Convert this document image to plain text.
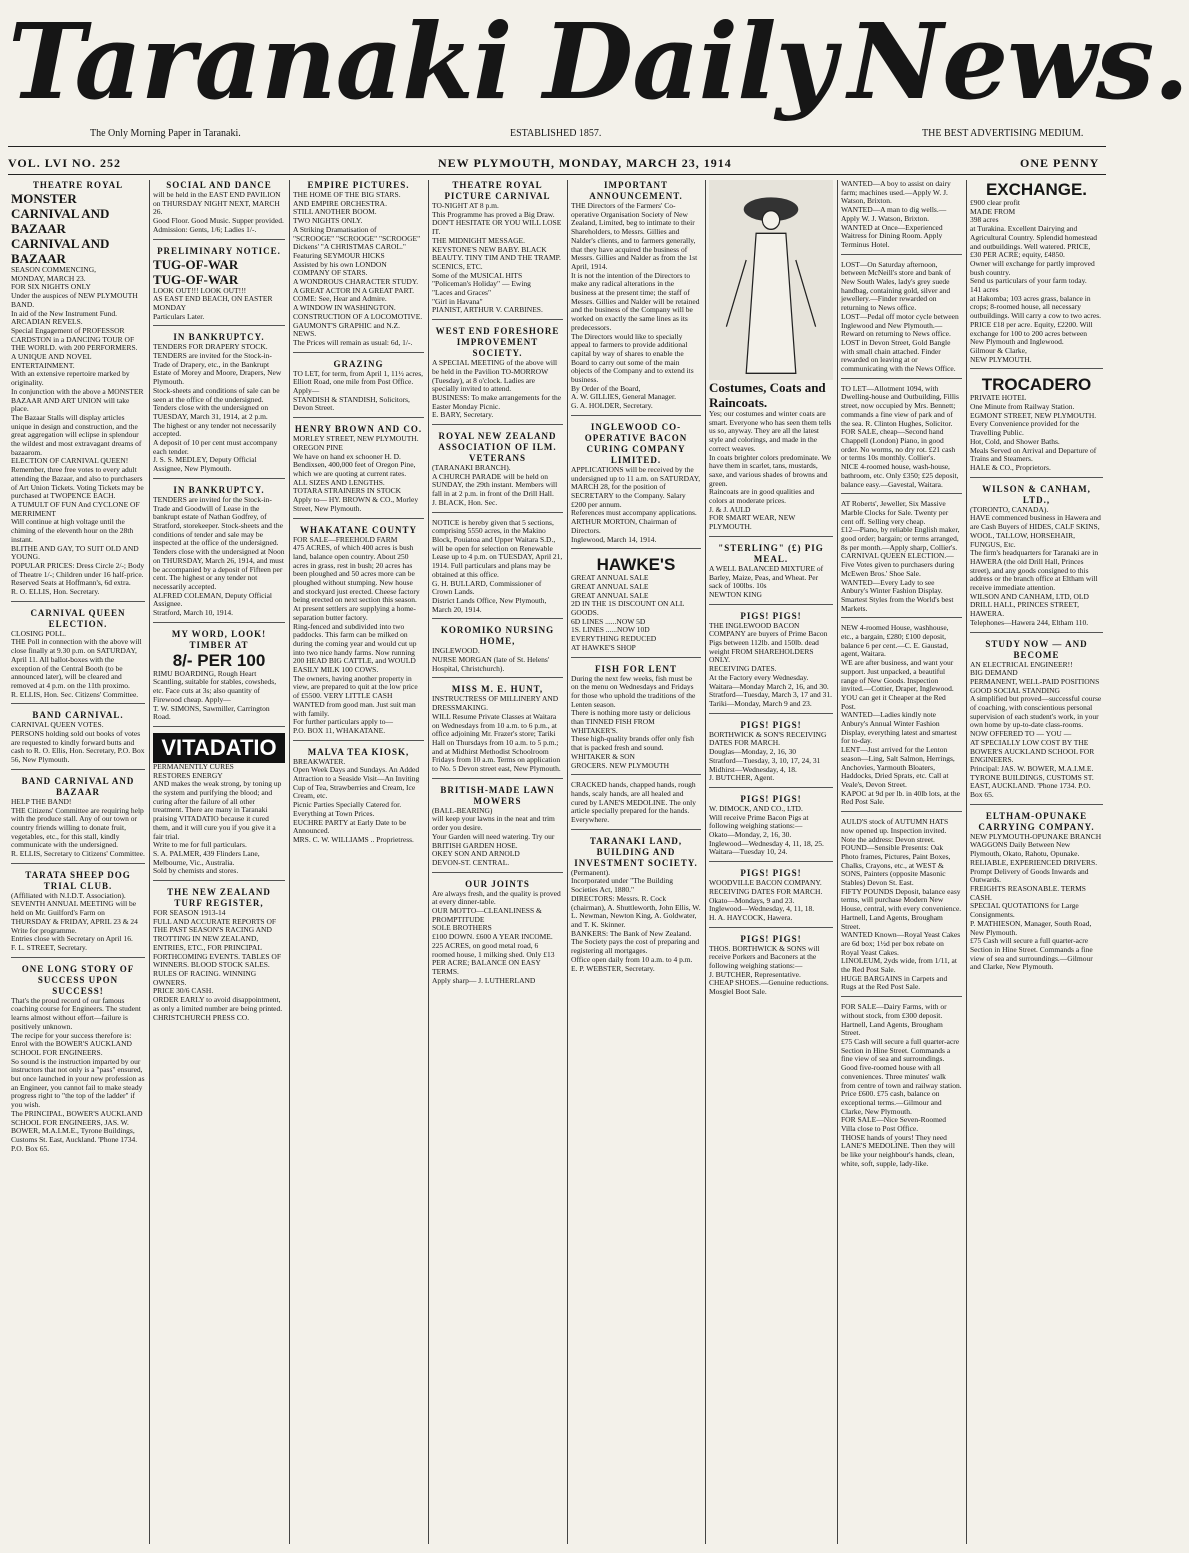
Taranaki Daily News.
The Only Morning Paper in Taranaki.	ESTABLISHED 1857.	THE BEST ADVERTISING MEDIUM.
VOL. LVI NO. 252	NEW PLYMOUTH, MONDAY, MARCH 23, 1914	ONE PENNY
THEATRE ROYAL
MONSTER
CARNIVAL AND BAZAAR
CARNIVAL AND BAZAAR
SEASON COMMENCING,
MONDAY, MARCH 23.
FOR SIX NIGHTS ONLY
Under the auspices of NEW PLYMOUTH BAND.
In aid of the New Instrument Fund.
ARCADIAN REVELS.
Special Engagement of PROFESSOR CARDSTON in a DANCING TOUR OF THE WORLD. with 200 PERFORMERS.
A UNIQUE AND NOVEL ENTERTAINMENT.
With an extensive repertoire marked by originality.
In conjunction with the above a MONSTER BAZAAR AND ART UNION will take place.
The Bazaar Stalls will display articles unique in design and construction, and the great aggregation will eclipse in splendour the wildest and most extravagant dreams of bazaarom.
ELECTION OF CARNIVAL QUEEN!
Remember, three free votes to every adult attending the Bazaar, and also to purchasers of Art Union Tickets. Voting Tickets may be purchased at TWOPENCE EACH.
A TUMULT OF FUN And CYCLONE OF MERRIMENT
Will continue at high voltage until the chiming of the eleventh hour on the 28th instant.
BLITHE AND GAY, TO SUIT OLD AND YOUNG.
POPULAR PRICES: Dress Circle 2/-; Body of Theatre 1/-; Children under 16 half-price. Reserved Seats at Hoffmann's, 6d extra.
R. O. ELLIS, Hon. Secretary.
CARNIVAL QUEEN ELECTION.
CLOSING POLL.
THE Poll in connection with the above will close finally at 9.30 p.m. on SATURDAY, April 11. All ballot-boxes with the exception of the Central Booth (to be announced later), will be cleared and removed at 4 p.m. on the 11th proximo.
R. ELLIS, Hon. Sec. Citizens' Committee.
BAND CARNIVAL.
CARNIVAL QUEEN VOTES.
PERSONS holding sold out books of votes are requested to kindly forward butts and cash to R. O. Ellis, Hon. Secretary, P.O. Box 56, New Plymouth.
BAND CARNIVAL AND BAZAAR
HELP THE BAND!
THE Citizens' Committee are requiring help with the produce stall. Any of our town or country friends willing to donate fruit, vegetables, etc., for this stall, kindly communicate with the undersigned.
R. ELLIS, Secretary to Citizens' Committee.
TARATA SHEEP DOG TRIAL CLUB.
(Affiliated with N.I.D.T. Association).
SEVENTH ANNUAL MEETING will be held on Mr. Guilford's Farm on THURSDAY & FRIDAY, APRIL 23 & 24
Write for programme.
Entries close with Secretary on April 16.
F. L. STREET, Secretary.
ONE LONG STORY OF SUCCESS UPON SUCCESS!
That's the proud record of our famous coaching course for Engineers. The student learns almost without effort—failure is positively unknown.
The recipe for your success therefore is: Enrol with the BOWER'S AUCKLAND SCHOOL FOR ENGINEERS.
So sound is the instruction imparted by our instructors that not only is a "pass" ensured, but once launched in your new profession as an Engineer, you cannot fail to make steady progress right to "the top of the ladder" if you wish.
The PRINCIPAL, BOWER'S AUCKLAND SCHOOL FOR ENGINEERS, JAS. W. BOWER, M.A.I.M.E., Tyrone Buildings, Customs St. East, Auckland. 'Phone 1734. P.O. Box 65.
SOCIAL AND DANCE
will be held in the EAST END PAVILION on THURSDAY NIGHT NEXT, MARCH 26.
Good Floor. Good Music. Supper provided.
Admission: Gents, 1/6; Ladies 1/-.
PRELIMINARY NOTICE.
TUG-OF-WAR
TUG-OF-WAR
LOOK OUT!!! LOOK OUT!!!
AS EAST END BEACH, ON EASTER MONDAY
Particulars Later.
IN BANKRUPTCY.
TENDERS FOR DRAPERY STOCK.
TENDERS are invited for the Stock-in-Trade of Drapery, etc., in the Bankrupt Estate of Morey and Moore, Drapers, New Plymouth.
Stock-sheets and conditions of sale can be seen at the office of the undersigned.
Tenders close with the undersigned on TUESDAY, March 31, 1914, at 2 p.m.
The highest or any tender not necessarily accepted.
A deposit of 10 per cent must accompany each tender.
J. S. S. MEDLEY, Deputy Official Assignee, New Plymouth.
IN BANKRUPTCY.
TENDERS are invited for the Stock-in-Trade and Goodwill of Lease in the bankrupt estate of Nathan Godfrey, of Stratford, storekeeper. Stock-sheets and the conditions of tender and sale may be inspected at the office of the undersigned. Tenders close with the undersigned at Noon on THURSDAY, March 26, 1914, and must be accompanied by a deposit of Fifteen per cent. The highest or any tender not necessarily accepted.
ALFRED COLEMAN, Deputy Official Assignee.
Stratford, March 10, 1914.
MY WORD, LOOK! TIMBER AT
8/- PER 100
RIMU BOARDING, Rough Heart Scantling, suitable for stables, cowsheds, etc. Face cuts at 3s; also quantity of Firewood cheap. Apply—
T. W. SIMONS, Sawmiller, Carrington Road.
VITADATIO
PERMANENTLY CURES
RESTORES ENERGY
AND makes the weak strong, by toning up the system and purifying the blood; and curing after the failure of all other treatment. There are many in Taranaki praising VITADATIO because it cured them, and it will cure you if you give it a fair trial.
Write to me for full particulars.
S. A. PALMER, 439 Flinders Lane, Melbourne, Vic., Australia.
Sold by chemists and stores.
THE NEW ZEALAND TURF REGISTER,
FOR SEASON 1913-14
FULL AND ACCURATE REPORTS OF THE PAST SEASON'S RACING AND TROTTING IN NEW ZEALAND, ENTRIES, ETC., FOR PRINCIPAL FORTHCOMING EVENTS. TABLES OF WINNERS. BLOOD STOCK SALES. RULES OF RACING. WINNING OWNERS.
PRICE 30/6 CASH.
ORDER EARLY to avoid disappointment, as only a limited number are being printed.
CHRISTCHURCH PRESS CO.
EMPIRE PICTURES.
THE HOME OF THE BIG STARS.
AND EMPIRE ORCHESTRA.
STILL ANOTHER BOOM.
TWO NIGHTS ONLY.
A Striking Dramatisation of
"SCROOGE" "SCROOGE" "SCROOGE"
Dickens' "A CHRISTMAS CAROL."
Featuring SEYMOUR HICKS
Assisted by his own LONDON COMPANY OF STARS.
A WONDROUS CHARACTER STUDY. A GREAT ACTOR IN A GREAT PART.
COME: See, Hear and Admire.
A WINDOW IN WASHINGTON.
CONSTRUCTION OF A LOCOMOTIVE.
GAUMONT'S GRAPHIC and N.Z. NEWS.
The Prices will remain as usual: 6d, 1/-.
GRAZING
TO LET, for term, from April 1, 11½ acres, Elliott Road, one mile from Post Office. Apply—
STANDISH & STANDISH, Solicitors, Devon Street.
HENRY BROWN AND CO.
MORLEY STREET, NEW PLYMOUTH.
OREGON PINE
We have on hand ex schooner H. D. Bendixsen, 400,000 feet of Oregon Pine, which we are quoting at current rates.
ALL SIZES AND LENGTHS.
TOTARA STRAINERS IN STOCK
Apply to— HY. BROWN & CO., Morley Street, New Plymouth.
WHAKATANE COUNTY
FOR SALE—FREEHOLD FARM
475 ACRES, of which 400 acres is bush land, balance open country. About 250 acres in grass, rest in bush; 20 acres has been ploughed and 50 acres more can be ploughed without stumping. New house and stockyard just erected. Cheese factory being erected on next section this season. At present settlers are supplying a home-separation butter factory.
Ring-fenced and subdivided into two paddocks. This farm can be milked on during the coming year and would cut up into two nice handy farms. Now running 200 HEAD BIG CATTLE, and WOULD EASILY MILK 100 COWS.
The owners, having another property in view, are prepared to quit at the low price of £5500. VERY LITTLE CASH WANTED from good man. Just suit man with family.
For further particulars apply to—
P.O. BOX 11, WHAKATANE.
MALVA TEA KIOSK,
BREAKWATER.
Open Week Days and Sundays. An Added Attraction to a Seaside Visit—An Inviting Cup of Tea, Strawberries and Cream, Ice Cream, etc.
Picnic Parties Specially Catered for. Everything at Town Prices.
EUCHRE PARTY at Early Date to be Announced.
MRS. C. W. WILLIAMS .. Proprietress.
THEATRE ROYAL PICTURE CARNIVAL
TO-NIGHT AT 8 p.m.
This Programme has proved a Big Draw.
DON'T HESITATE OR YOU WILL LOSE IT.
THE MIDNIGHT MESSAGE. KEYSTONE'S NEW BABY. BLACK BEAUTY. TINY TIM AND THE TRAMP. SCENICS, ETC.
Some of the MUSICAL HITS
"Policeman's Holiday" — Ewing
"Laces and Graces"
"Girl in Havana"
PIANIST, ARTHUR V. CARBINES.
WEST END FORESHORE IMPROVEMENT SOCIETY.
A SPECIAL MEETING of the above will be held in the Pavilion TO-MORROW (Tuesday), at 8 o'clock. Ladies are specially invited to attend.
BUSINESS: To make arrangements for the Easter Monday Picnic.
E. BARY, Secretary.
ROYAL NEW ZEALAND ASSOCIATION OF ILM. VETERANS
(TARANAKI BRANCH).
A CHURCH PARADE will be held on SUNDAY, the 29th instant. Members will fall in at 2 p.m. in front of the Drill Hall.
J. BLACK, Hon. Sec.
NOTICE is hereby given that 5 sections, comprising 5550 acres, in the Makino Block, Pouiatoa and Upper Waitara S.D., will be open for selection on Renewable Lease up to 4 p.m. on TUESDAY, April 21, 1914. Full particulars and plans may be obtained at this office.
G. H. BULLARD, Commissioner of Crown Lands.
District Lands Office, New Plymouth, March 20, 1914.
KOROMIKO NURSING HOME,
INGLEWOOD.
NURSE MORGAN (late of St. Helens' Hospital, Christchurch).
MISS M. E. HUNT,
INSTRUCTRESS OF MILLINERY AND DRESSMAKING.
WILL Resume Private Classes at Waitara on Wednesdays from 10 a.m. to 6 p.m., at office adjoining Mr. Frazer's store; Tariki Hall on Thursdays from 10 a.m. to 5 p.m.; and at Midhirst Methodist Schoolroom Fridays from 10 a.m. Terms on application to No. 5 Devon street east, New Plymouth.
BRITISH-MADE LAWN MOWERS
(BALL-BEARING)
will keep your lawns in the neat and trim order you desire.
Your Garden will need watering. Try our BRITISH GARDEN HOSE.
OKEY SON AND ARNOLD
DEVON-ST. CENTRAL.
OUR JOINTS
Are always fresh, and the quality is proved at every dinner-table.
OUR MOTTO—CLEANLINESS & PROMPTITUDE
SOLE BROTHERS
£100 DOWN. £600 A YEAR INCOME.
225 ACRES, on good metal road, 6 roomed house, 1 milking shed. Only £13 PER ACRE; BALANCE ON EASY TERMS.
Apply sharp— J. LUTHERLAND
IMPORTANT ANNOUNCEMENT.
THE Directors of the Farmers' Co-operative Organisation Society of New Zealand, Limited, beg to intimate to their Shareholders, to Messrs. Gillies and Nalder's clients, and to farmers generally, that they have acquired the business of Messrs. Gillies and Nalder as from the 1st April, 1914.
It is not the intention of the Directors to make any radical alterations in the business at the present time; the staff of Messrs. Gillies and Nalder will be retained and the business of the Company will be worked on exactly the same lines as its predecessors.
The Directors would like to specially appeal to farmers to provide additional capital by way of shares to enable the Board to carry out some of the main objects of the Company and to extend its business.
By Order of the Board,
A. W. GILLIES, General Manager.
G. A. HOLDER, Secretary.
INGLEWOOD CO-OPERATIVE BACON CURING COMPANY LIMITED.
APPLICATIONS will be received by the undersigned up to 11 a.m. on SATURDAY, MARCH 28, for the position of SECRETARY to the Company. Salary £200 per annum.
References must accompany applications.
ARTHUR MORTON, Chairman of Directors.
Inglewood, March 14, 1914.
HAWKE'S
GREAT ANNUAL SALE
GREAT ANNUAL SALE
GREAT ANNUAL SALE
2D IN THE 1S DISCOUNT ON ALL GOODS.
6D LINES ......NOW 5D
1S. LINES ......NOW 10D
EVERYTHING REDUCED
AT HAWKE'S SHOP
FISH FOR LENT
During the next few weeks, fish must be on the menu on Wednesdays and Fridays for those who uphold the traditions of the Lenten season.
There is nothing more tasty or delicious than TINNED FISH FROM WHITAKER'S.
These high-quality brands offer only fish that is packed fresh and sound.
WHITAKER & SON
GROCERS. NEW PLYMOUTH
CRACKED hands, chapped hands, rough hands, scaly hands, are all healed and cured by LANE'S MEDOLINE. The only article specially prepared for the hands. Everywhere.
TARANAKI LAND, BUILDING AND INVESTMENT SOCIETY.
(Permanent).
Incorporated under "The Building Societies Act, 1880."
DIRECTORS: Messrs. R. Cock (chairman), A. Shuttleworth, John Ellis, W. L. Newman, Newton King, A. Goldwater, and T. K. Skinner.
BANKERS: The Bank of New Zealand.
The Society pays the cost of preparing and registering all mortgages.
Office open daily from 10 a.m. to 4 p.m.
E. P. WEBSTER, Secretary.
Costumes, Coats and Raincoats.
Yes; our costumes and winter coats are smart. Everyone who has seen them tells us so, anyway. They are all the latest style and colorings, and made in the correct weaves.
In coats brighter colors predominate. We have them in scarlet, tans, mustards, saxe, and various shades of browns and green.
Raincoats are in good qualities and colors at moderate prices.
J. & J. AULD
FOR SMART WEAR, NEW PLYMOUTH.
"STERLING" (£) PIG MEAL.
A WELL BALANCED MIXTURE of Barley, Maize, Peas, and Wheat. Per sack of 100lbs. 10s
NEWTON KING
PIGS! PIGS!
THE INGLEWOOD BACON COMPANY are buyers of Prime Bacon Pigs between 112lb. and 150lb. dead weight FROM SHAREHOLDERS ONLY.
RECEIVING DATES.
At the Factory every Wednesday.
Waitara—Monday March 2, 16, and 30.
Stratford—Tuesday, March 3, 17 and 31.
Tariki—Monday, March 9 and 23.
PIGS! PIGS!
BORTHWICK & SON'S RECEIVING DATES FOR MARCH.
Douglas—Monday, 2, 16, 30
Stratford—Tuesday, 3, 10, 17, 24, 31
Midhirst—Wednesday, 4, 18.
J. BUTCHER, Agent.
PIGS! PIGS!
W. DIMOCK, AND CO., LTD.
Will receive Prime Bacon Pigs at following weighing stations:—
Okato—Monday, 2, 16, 30.
Inglewood—Wednesday 4, 11, 18, 25.
Waitara—Tuesday 10, 24.
PIGS! PIGS!
WOODVILLE BACON COMPANY.
RECEIVING DATES FOR MARCH.
Okato—Mondays, 9 and 23.
Inglewood—Wednesday, 4, 11, 18.
H. A. HAYCOCK, Hawera.
PIGS! PIGS!
THOS. BORTHWICK & SONS will receive Porkers and Baconers at the following weighing stations:—
J. BUTCHER, Representative.
CHEAP SHOES.—Genuine reductions. Mosgiel Boot Sale.
WANTED—A boy to assist on dairy farm; machines used.—Apply W. J. Watson, Brixton.
WANTED—A man to dig wells.—Apply W. J. Watson, Brixton.
WANTED at Once—Experienced Waitress for Dining Room. Apply Terminus Hotel.
LOST—On Saturday afternoon, between McNeill's store and bank of New South Wales, lady's grey suede handbag, containing gold, silver and jewellery.—Finder rewarded on returning to News office.
LOST—Pedal off motor cycle between Inglewood and New Plymouth.—Reward on returning to News office.
LOST in Devon Street, Gold Bangle with small chain attached. Finder rewarded on leaving at or communicating with the News Office.
TO LET—Allotment 1094, with Dwelling-house and Outbuilding, Fillis street, now occupied by Mrs. Bennett; commands a fine view of park and of the sea. R. Clinton Hughes, Solicitor.
FOR SALE, cheap—Second hand Chappell (London) Piano, in good order. No worms, no dry rot. £21 cash or terms 10s monthly. Collier's.
NICE 4-roomed house, wash-house, bathroom, etc. Only £350; £25 deposit, balance easy.—Gavestal, Waitara.
AT Roberts', Jeweller, Six Massive Marble Clocks for Sale. Twenty per cent off. Selling very cheap.
£12—Piano, by reliable English maker, good order; bargain; or terms arranged, 8s per month.—Apply sharp, Collier's.
CARNIVAL QUEEN ELECTION.—Five Votes given to purchasers during McEwen Bros.' Shoe Sale.
WANTED—Every Lady to see Anbury's Winter Fashion Display. Smartest Styles from the World's best Markets.
NEW 4-roomed House, washhouse, etc., a bargain, £280; £100 deposit, balance 6 per cent.—C. E. Gaustad, agent, Waitara.
WE are after business, and want your support. Just unpacked, a beautiful range of New Goods. Inspection invited.—Cottier, Draper, Inglewood.
YOU can get it Cheaper at the Red Post.
WANTED—Ladies kindly note Anbury's Annual Winter Fashion Display, everything latest and smartest for to-day.
LENT—Just arrived for the Lenton season—Ling, Salt Salmon, Herrings, Anchovies, Yarmouth Bloaters, Haddocks, Dried Sprats, etc. Call at Veale's, Devon Street.
KAPOC at 9d per lb. in 40lb lots, at the Red Post Sale.
AULD'S stock of AUTUMN HATS now opened up. Inspection invited. Note the address: Devon street.
FOUND—Sensible Presents: Oak Photo frames, Pictures, Paint Boxes, Chalks, Crayons, etc., at WEST & SONS, Painters (opposite Masonic Stables) Devon St. East.
FIFTY POUNDS Deposit, balance easy terms, will purchase Modern New House, central, with every convenience.
Hartnell, Land Agents, Brougham Street.
WANTED Known—Royal Yeast Cakes are 6d box; 1½d per box rebate on Royal Yeast Cakes.
LINOLEUM, 2yds wide, from 1/11, at the Red Post Sale.
HUGE BARGAINS in Carpets and Rugs at the Red Post Sale.
FOR SALE—Dairy Farms, with or without stock, from £300 deposit. Hartnell, Land Agents, Brougham Street.
£75 Cash will secure a full quarter-acre Section in Hine Street. Commands a fine view of sea and surroundings. Good five-roomed house with all conveniences. Three minutes' walk from centre of town and railway station. Price £600. £75 cash, balance on exceptional terms.—Gilmour and Clarke, New Plymouth.
FOR SALE—Nice Seven-Roomed Villa close to Post Office.
THOSE hands of yours! They need LANE'S MEDOLINE. Then they will be like your neighbour's hands, clean, white, soft, supple, lady-like.
EXCHANGE.
£900 clear profit
MADE FROM
398 acres
at Turakina. Excellent Dairying and Agricultural Country. Splendid homestead and outbuildings. Well watered. PRICE, £30 PER ACRE; equity, £4850.
Owner will exchange for partly improved bush country.
Send us particulars of your farm today.
141 acres
at Hakomba; 103 acres grass, balance in crops; 8-roomed house, all necessary outbuildings. Will carry a cow to two acres.
PRICE £18 per acre. Equity, £2200. Will exchange for 100 to 200 acres between New Plymouth and Inglewood.
Gilmour & Clarke,
NEW PLYMOUTH.
TROCADERO
PRIVATE HOTEL
One Minute from Railway Station. EGMONT STREET, NEW PLYMOUTH.
Every Convenience provided for the Travelling Public.
Hot, Cold, and Shower Baths.
Meals Served on Arrival and Departure of Trains and Steamers.
HALE & CO., Proprietors.
WILSON & CANHAM, LTD.,
(TORONTO, CANADA).
HAVE commenced business in Hawera and are Cash Buyers of HIDES, CALF SKINS, WOOL, TALLOW, HORSEHAIR, FUNGUS, Etc.
The firm's headquarters for Taranaki are in HAWERA (the old Drill Hall, Princes street), and any goods consigned to this address or the branch office at Eltham will receive immediate attention.
WILSON AND CANHAM, LTD, OLD DRILL HALL, PRINCES STREET, HAWERA.
Telephones—Hawera 244, Eltham 110.
STUDY NOW — AND BECOME
AN ELECTRICAL ENGINEER!!
BIG DEMAND
PERMANENT, WELL-PAID POSITIONS
GOOD SOCIAL STANDING
A simplified but proved—successful course of coaching, with conscientious personal supervision of each student's work, in your own home by up-to-date class-rooms.
NOW OFFERED TO — YOU —
AT SPECIALLY LOW COST BY THE
BOWER'S AUCKLAND SCHOOL FOR ENGINEERS.
Principal: JAS. W. BOWER, M.A.I.M.E. TYRONE BUILDINGS, CUSTOMS ST. EAST, AUCKLAND. 'Phone 1734. P.O. Box 65.
ELTHAM-OPUNAKE CARRYING COMPANY.
NEW PLYMOUTH-OPUNAKE BRANCH
WAGGONS Daily Between New Plymouth, Okato, Rahotu, Opunake. RELIABLE, EXPERIENCED DRIVERS. Prompt Delivery of Goods Inwards and Outwards.
FREIGHTS REASONABLE. TERMS CASH.
SPECIAL QUOTATIONS for Large Consignments.
P. MATHIESON, Manager, South Road, New Plymouth.
£75 Cash will secure a full quarter-acre Section in Hine Street. Commands a fine view of sea and surroundings.—Gilmour and Clarke, New Plymouth.
